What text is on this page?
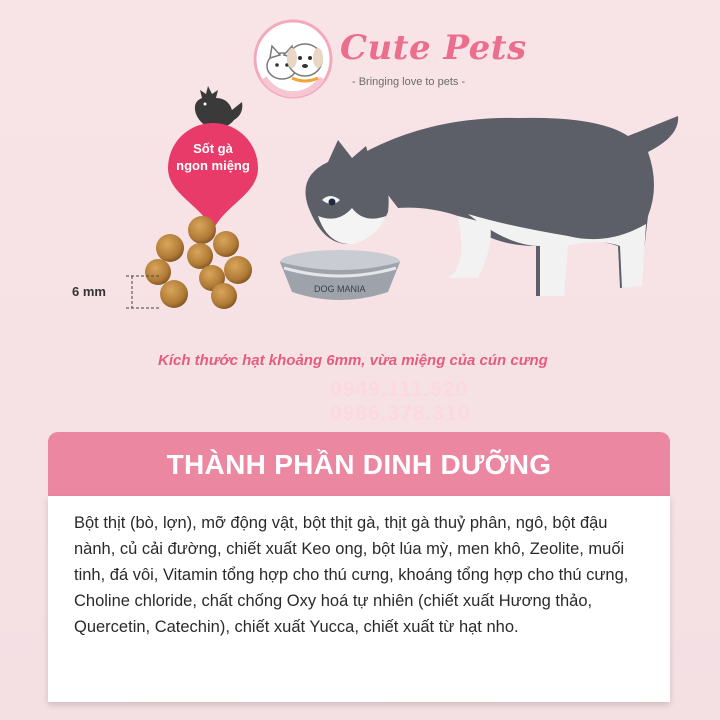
Cute Pets
- Bringing love to pets -
Sốt gà
ngon miệng
6 mm	DOG MANIA
Kích thước hạt khoảng 6mm, vừa miệng của cún cưng
0949.111.520
0986.378.310
THÀNH PHẦN DINH DƯỠNG
Bột thịt (bò, lợn), mỡ động vật, bột thịt gà, thịt gà thuỷ phân, ngô, bột đậu nành, củ cải đường, chiết xuất Keo ong, bột lúa mỳ, men khô, Zeolite, muối tinh, đá vôi, Vitamin tổng hợp cho thú cưng, khoáng tổng hợp cho thú cưng, Choline chloride, chất chống Oxy hoá tự nhiên (chiết xuất Hương thảo, Quercetin, Catechin), chiết xuất Yucca, chiết xuất từ hạt nho.
